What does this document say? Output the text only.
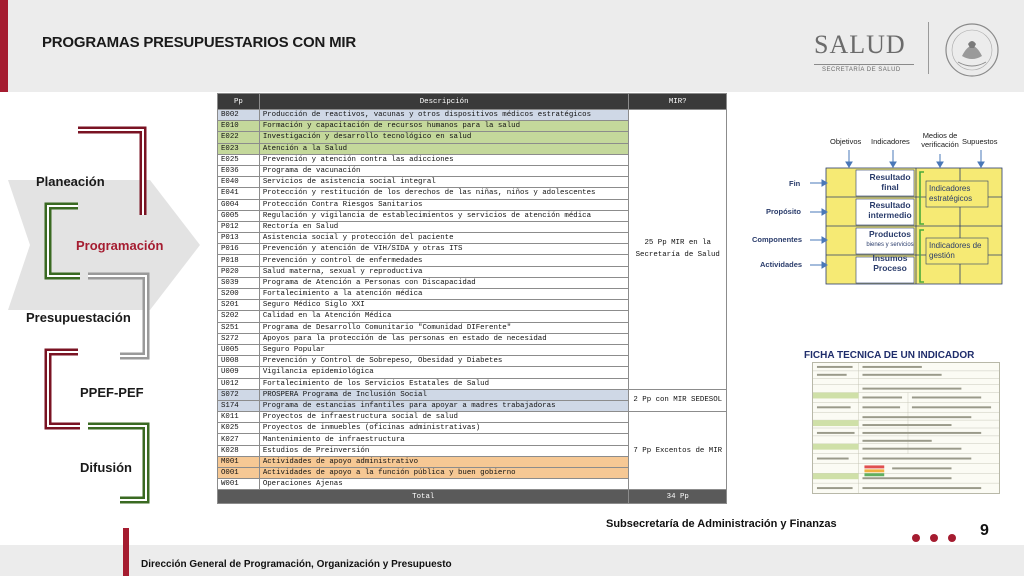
PROGRAMAS PRESUPUESTARIOS CON MIR	SALUD
SECRETARÍA DE SALUD
Planeación
Programación
Presupuestación
PPEF-PEF
Difusión
Pp	Descripción	MIR?
B002	Producción de reactivos, vacunas y otros dispositivos médicos estratégicos	25 Pp MIR en la Secretaría de Salud
E010	Formación y capacitación de recursos humanos para la salud	
E022	Investigación y desarrollo tecnológico en salud	
E023	Atención a la Salud	
E025	Prevención y atención contra las adicciones	
E036	Programa de vacunación	
E040	Servicios de asistencia social integral	
E041	Protección y restitución de los derechos de las niñas, niños y adolescentes	
G004	Protección Contra Riesgos Sanitarios	
G005	Regulación y vigilancia de establecimientos y servicios de atención médica	
P012	Rectoría en Salud	
P013	Asistencia social y protección del paciente	
P016	Prevención y atención de VIH/SIDA y otras ITS	
P018	Prevención y control de enfermedades	
P020	Salud materna, sexual y reproductiva	
S039	Programa de Atención a Personas con Discapacidad	
S200	Fortalecimiento a la atención médica	
S201	Seguro Médico Siglo XXI	
S202	Calidad en la Atención Médica	
S251	Programa de Desarrollo Comunitario "Comunidad DIFerente"	
S272	Apoyos para la protección de las personas en estado de necesidad	
U005	Seguro Popular	
U008	Prevención y Control de Sobrepeso, Obesidad y Diabetes	
U009	Vigilancia epidemiológica	
U012	Fortalecimiento de los Servicios Estatales de Salud	
S072	PROSPERA Programa de Inclusión Social	2 Pp con MIR SEDESOL
S174	Programa de estancias infantiles para apoyar a madres trabajadoras	
K011	Proyectos de infraestructura social de salud	7 Pp Excentos de MIR
K025	Proyectos de inmuebles (oficinas administrativas)	
K027	Mantenimiento de infraestructura	
K028	Estudios de Preinversión	
M001	Actividades de apoyo administrativo	
O001	Actividades de apoyo a la función pública y buen gobierno	
W001	Operaciones Ajenas	
Total		34 Pp
Objetivos Indicadores
Medios de verificación Supuestos
Fin
Propósito
Componentes
Actividades
Resultado final
Resultado intermedio
Productos
bienes y servicios
Insumos Proceso
Indicadores estratégicos
Indicadores de gestión
FICHA TECNICA DE UN INDICADOR
Subsecretaría de Administración y Finanzas	9
Dirección General de Programación, Organización y Presupuesto
